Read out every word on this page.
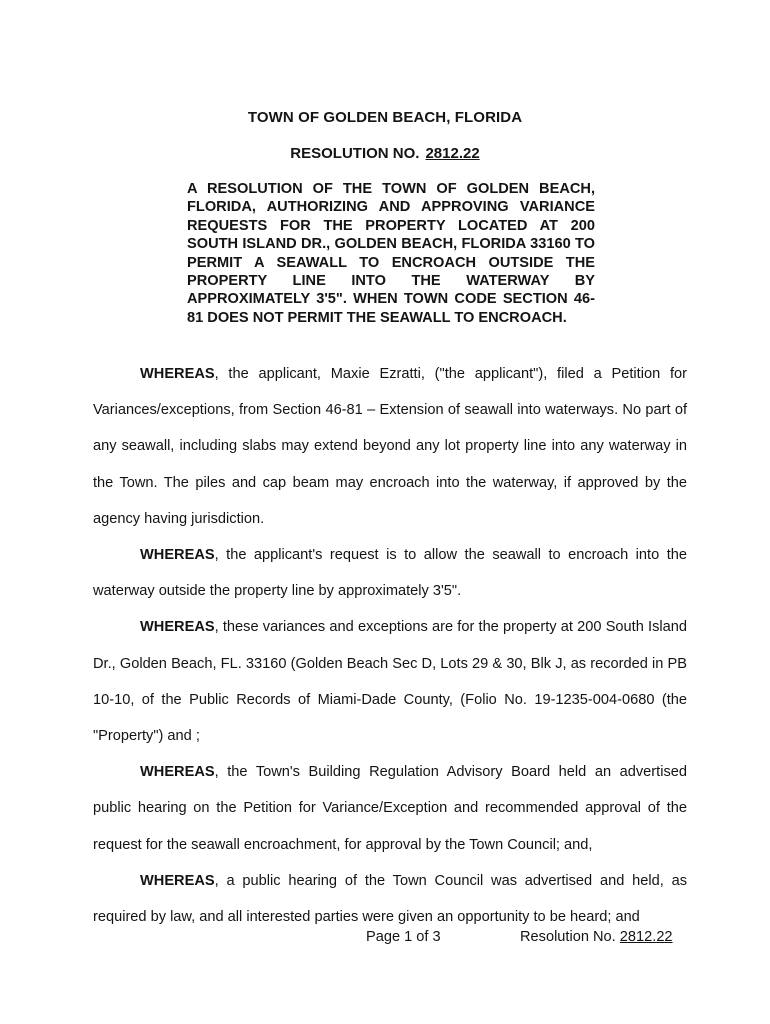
TOWN OF GOLDEN BEACH, FLORIDA
RESOLUTION NO. 2812.22
A RESOLUTION OF THE TOWN OF GOLDEN BEACH, FLORIDA, AUTHORIZING AND APPROVING VARIANCE REQUESTS FOR THE PROPERTY LOCATED AT 200 SOUTH ISLAND DR., GOLDEN BEACH, FLORIDA 33160 TO PERMIT A SEAWALL TO ENCROACH OUTSIDE THE PROPERTY LINE INTO THE WATERWAY BY APPROXIMATELY 3'5". WHEN TOWN CODE SECTION 46-81 DOES NOT PERMIT THE SEAWALL TO ENCROACH.

WHEREAS, the applicant, Maxie Ezratti, ("the applicant"), filed a Petition for Variances/exceptions, from Section 46-81 – Extension of seawall into waterways. No part of any seawall, including slabs may extend beyond any lot property line into any waterway in the Town. The piles and cap beam may encroach into the waterway, if approved by the agency having jurisdiction.

WHEREAS, the applicant's request is to allow the seawall to encroach into the waterway outside the property line by approximately 3'5".

WHEREAS, these variances and exceptions are for the property at 200 South Island Dr., Golden Beach, FL. 33160 (Golden Beach Sec D, Lots 29 & 30, Blk J, as recorded in PB 10-10, of the Public Records of Miami-Dade County, (Folio No. 19-1235-004-0680 (the "Property") and ;

WHEREAS, the Town's Building Regulation Advisory Board held an advertised public hearing on the Petition for Variance/Exception and recommended approval of the request for the seawall encroachment, for approval by the Town Council; and,

WHEREAS, a public hearing of the Town Council was advertised and held, as required by law, and all interested parties were given an opportunity to be heard; and

Page 1 of 3	Resolution No. 2812.22
